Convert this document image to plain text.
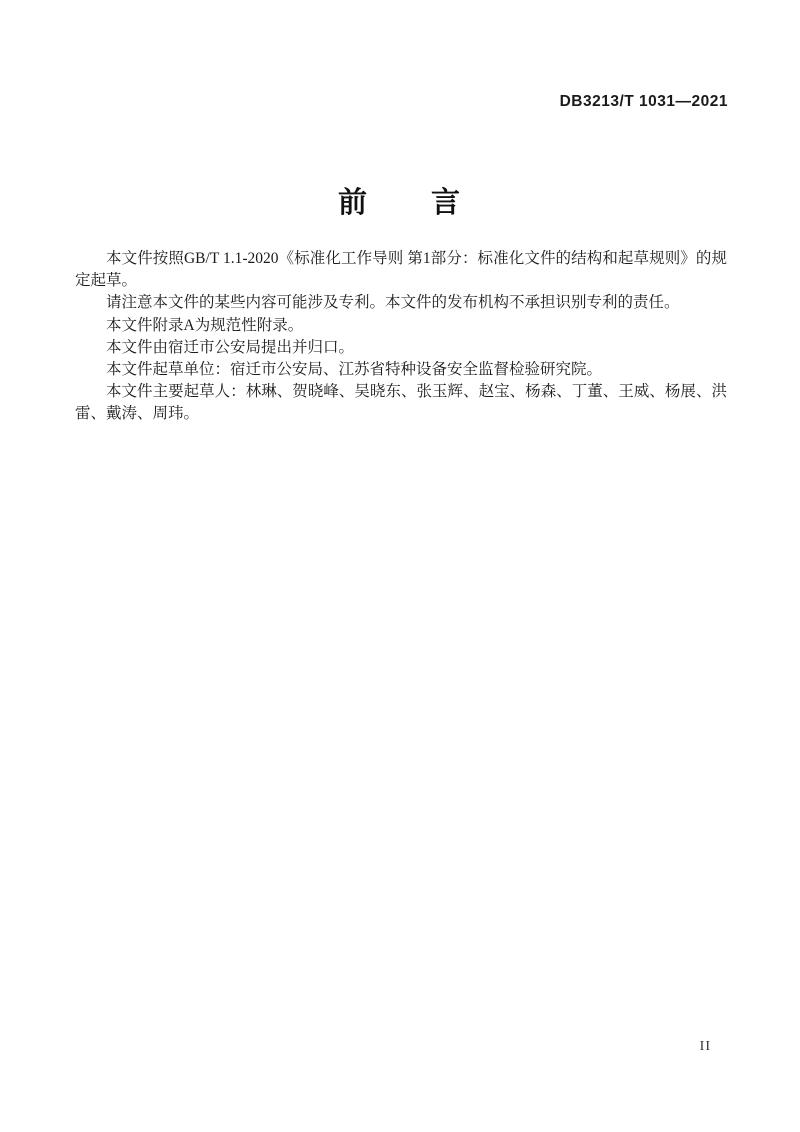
DB3213/T 1031—2021
前　　言

本文件按照GB/T 1.1-2020《标准化工作导则 第1部分：标准化文件的结构和起草规则》的规定起草。

请注意本文件的某些内容可能涉及专利。本文件的发布机构不承担识别专利的责任。

本文件附录A为规范性附录。

本文件由宿迁市公安局提出并归口。

本文件起草单位：宿迁市公安局、江苏省特种设备安全监督检验研究院。

本文件主要起草人：林琳、贺晓峰、吴晓东、张玉辉、赵宝、杨森、丁董、王威、杨展、洪雷、戴涛、周玮。

II
